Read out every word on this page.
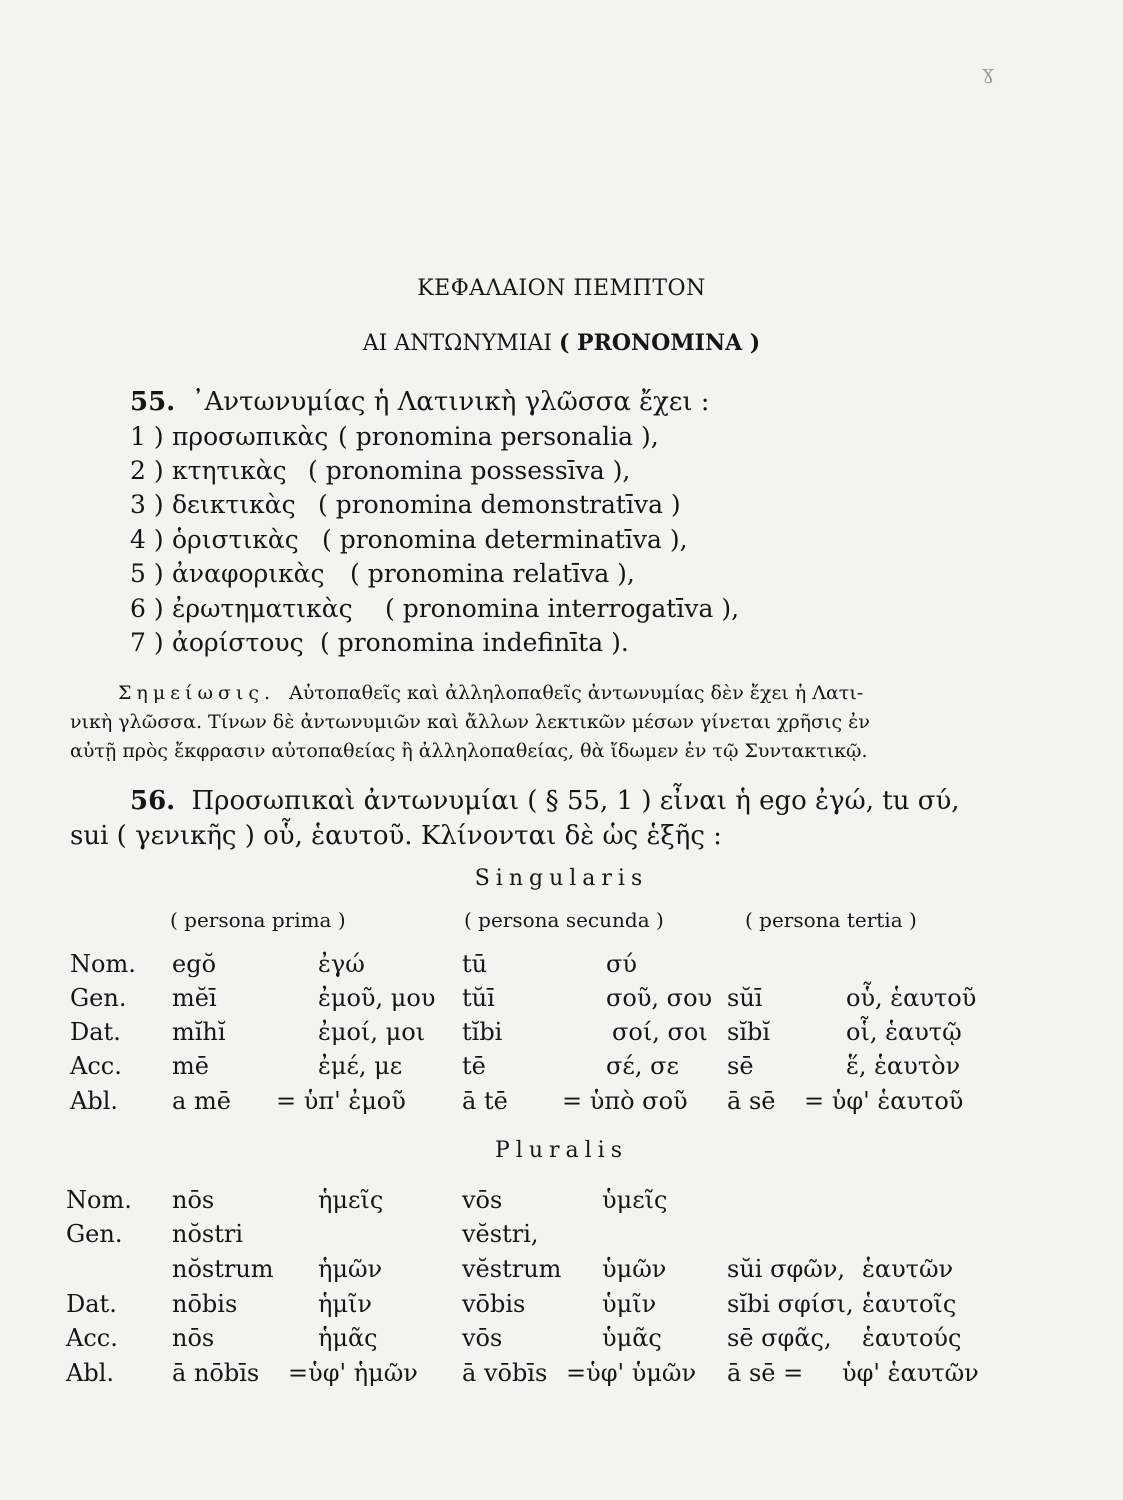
ɣ
ΚΕΦΑΛΑΙΟΝ ΠΕΜΠΤΟΝ
ΑΙ ΑΝΤΩΝΥΜΙΑΙ ( PRONOMINA )
55. ᾿Αντωνυμίας ἡ Λατινικὴ γλῶσσα ἔχει :
1 ) προσωπικὰς ( pronomina personalia ),
2 ) κτητικὰς ( pronomina possessīva ),
3 ) δεικτικὰς ( pronomina demonstratīva )
4 ) ὁριστικὰς ( pronomina determinatīva ),
5 ) ἀναφορικὰς ( pronomina relatīva ),
6 ) ἐρωτηματικὰς ( pronomina interrogatīva ),
7 ) ἀορίστους ( pronomina indefinīta ).
Σημείωσις. Αὐτοπαθεῖς καὶ ἀλληλοπαθεῖς ἀντωνυμίας δὲν ἔχει ἡ Λατι-
νικὴ γλῶσσα. Τίνων δὲ ἀντωνυμιῶν καὶ ἄλλων λεκτικῶν μέσων γίνεται χρῆσις ἐν
αὐτῇ πρὸς ἔκφρασιν αὐτοπαθείας ἢ ἀλληλοπαθείας, θὰ ἴδωμεν ἐν τῷ Συντακτικῷ.
56. Προσωπικαὶ ἀντωνυμίαι ( § 55, 1 ) εἶναι ἡ ego ἐγώ, tu σύ,
sui ( γενικῆς ) οὗ, ἑαυτοῦ. Κλίνονται δὲ ὡς ἑξῆς :
Singularis
( persona prima )	( persona secunda )	( persona tertia )
Nom. egŏ	ἐγώ	tū	σύ
Gen. mĕī	ἐμοῦ, μου tŭī	σοῦ, σου sŭī	οὗ, ἑαυτοῦ
Dat. mĭhĭ	ἐμοί, μοι tĭbi	σοί, σοι sĭbĭ	οἷ, ἑαυτῷ
Acc. mē	ἐμέ, με tē	σέ, σε sē	ἕ, ἑαυτὸν
Abl. a mē = ὑπ' ἐμοῦ ā tē = ὑπὸ σοῦ ā sē = ὑφ' ἑαυτοῦ
Pluralis
Nom. nōs	ἡμεῖς	vōs	ὑμεῖς
Gen. nŏstri	vĕstri,
nŏstrum ἡμῶν	vĕstrum ὑμῶν	sŭi σφῶν, ἑαυτῶν
Dat. nōbis	ἡμῖν	vōbis	ὑμῖν	sĭbi σφίσι, ἑαυτοῖς
Acc. nōs	ἡμᾶς	vōs	ὑμᾶς	sē σφᾶς, ἑαυτούς
Abl. ā nōbīs =ὑφ' ἡμῶν ā vōbīs =ὑφ' ὑμῶν ā sē = ὑφ' ἑαυτῶν
